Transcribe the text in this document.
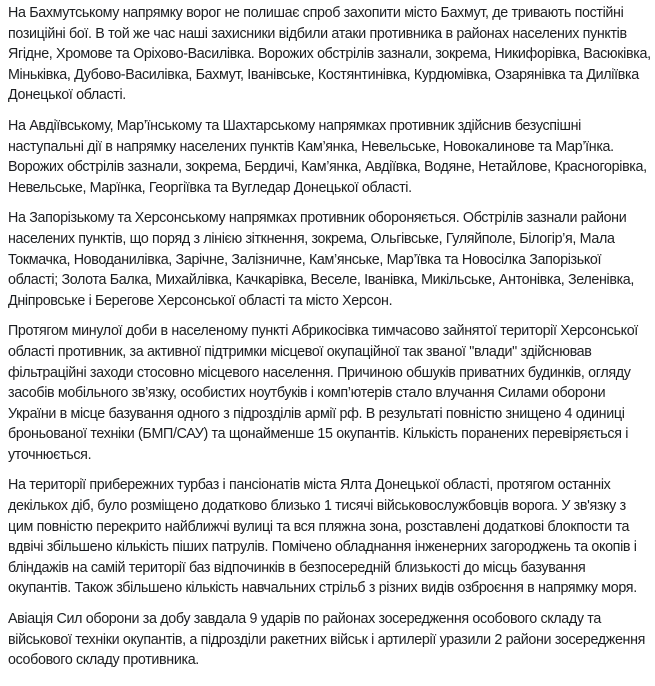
На Бахмутському напрямку ворог не полишає спроб захопити місто Бахмут, де тривають постійні позиційні бої. В той же час наші захисники відбили атаки противника в районах населених пунктів Ягідне, Хромове та Оріхово-Василівка. Ворожих обстрілів зазнали, зокрема, Никифорівка, Васюківка, Міньківка, Дубово-Василівка, Бахмут, Іванівське, Костянтинівка, Курдюмівка, Озарянівка та Диліївка Донецької області.

На Авдіївському, Мар’їнському та Шахтарському напрямках противник здійснив безуспішні наступальні дії в напрямку населених пунктів Кам’янка, Невельське, Новокалинове та Мар’їнка. Ворожих обстрілів зазнали, зокрема, Бердичі, Кам’янка, Авдіївка, Водяне, Нетайлове, Красногорівка, Невельське, Марїнка, Георгіївка та Вугледар Донецької області.

На Запорізькому та Херсонському напрямках противник обороняється. Обстрілів зазнали райони населених пунктів, що поряд з лінією зіткнення, зокрема, Ольгівське, Гуляйполе, Білогір’я, Мала Токмачка, Новоданилівка, Зарічне, Залізничне, Кам’янське, Мар’ївка та Новосілка Запорізької області; Золота Балка, Михайлівка, Качкарівка, Веселе, Іванівка, Микільське, Антонівка, Зеленівка, Дніпровське і Берегове Херсонської області та місто Херсон.

Протягом минулої доби в населеному пункті Абрикосівка тимчасово зайнятої території Херсонської області противник, за активної підтримки місцевої окупаційної так званої "влади" здійснював фільтраційні заходи стосовно місцевого населення. Причиною обшуків приватних будинків, огляду засобів мобільного зв’язку, особистих ноутбуків і комп’ютерів стало влучання Силами оборони України в місце базування одного з підрозділів армії рф. В результаті повністю знищено 4 одиниці броньованої техніки (БМП/САУ) та щонайменше 15 окупантів. Кількість поранених перевіряється і уточнюється.

На території прибережних турбаз і пансіонатів міста Ялта Донецької області, протягом останніх декількох діб, було розміщено додатково близько 1 тисячі військовослужбовців ворога. У зв'язку з цим повністю перекрито найближчі вулиці та вся пляжна зона, розставлені додаткові блокпости та вдвічі збільшено кількість піших патрулів. Помічено обладнання інженерних загороджень та окопів і бліндажів на самій території баз відпочинків в безпосередній близькості до місць базування окупантів. Також збільшено кількість навчальних стрільб з різних видів озброєння в напрямку моря.

Авіація Сил оборони за добу завдала 9 ударів по районах зосередження особового складу та військової техніки окупантів, а підрозділи ракетних військ і артилерії уразили 2 райони зосередження особового складу противника.
